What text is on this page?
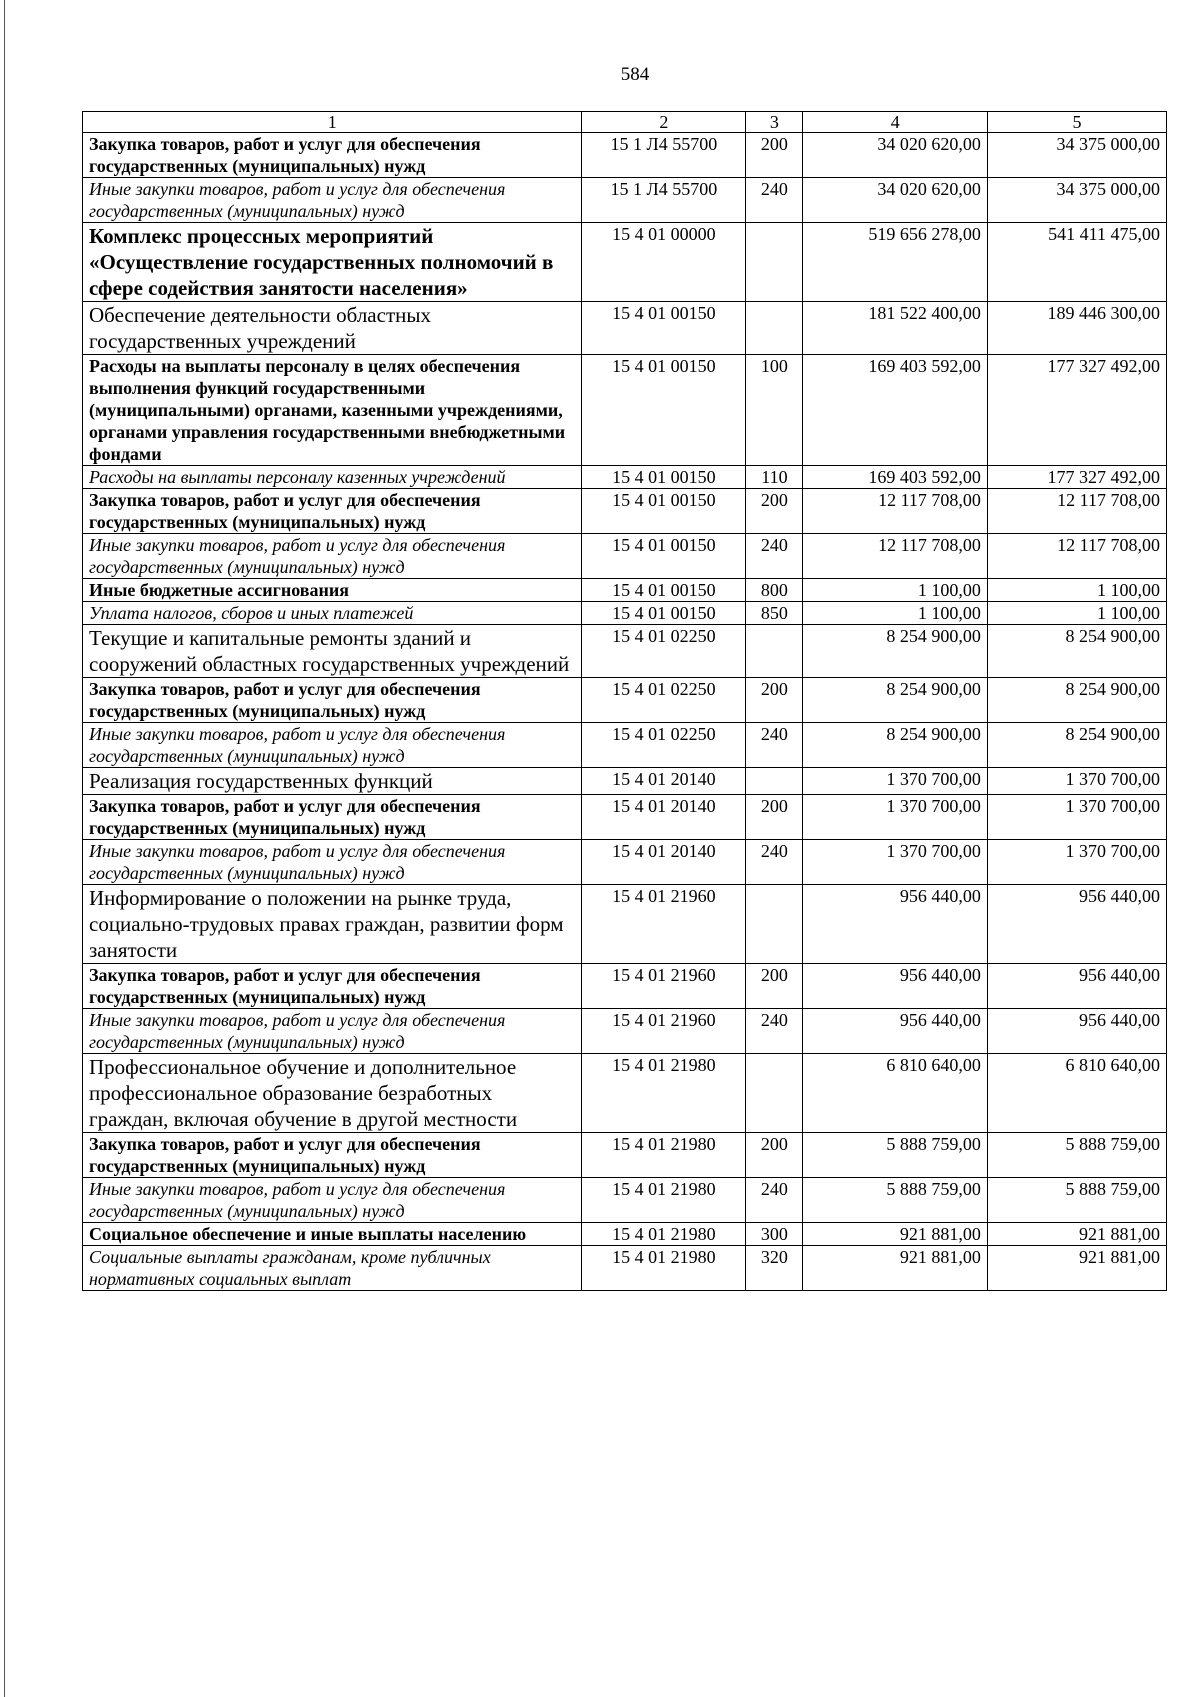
584
1	2	3	4	5
Закупка товаров, работ и услуг для обеспечения государственных (муниципальных) нужд	15 1 Л4 55700	200	34 020 620,00	34 375 000,00
Иные закупки товаров, работ и услуг для обеспечения государственных (муниципальных) нужд	15 1 Л4 55700	240	34 020 620,00	34 375 000,00
Комплекс процессных мероприятий «Осуществление государственных полномочий в сфере содействия занятости населения»	15 4 01 00000		519 656 278,00	541 411 475,00
Обеспечение деятельности областных государственных учреждений	15 4 01 00150		181 522 400,00	189 446 300,00
Расходы на выплаты персоналу в целях обеспечения выполнения функций государственными (муниципальными) органами, казенными учреждениями, органами управления государственными внебюджетными фондами	15 4 01 00150	100	169 403 592,00	177 327 492,00
Расходы на выплаты персоналу казенных учреждений	15 4 01 00150	110	169 403 592,00	177 327 492,00
Закупка товаров, работ и услуг для обеспечения государственных (муниципальных) нужд	15 4 01 00150	200	12 117 708,00	12 117 708,00
Иные закупки товаров, работ и услуг для обеспечения государственных (муниципальных) нужд	15 4 01 00150	240	12 117 708,00	12 117 708,00
Иные бюджетные ассигнования	15 4 01 00150	800	1 100,00	1 100,00
Уплата налогов, сборов и иных платежей	15 4 01 00150	850	1 100,00	1 100,00
Текущие и капитальные ремонты зданий и сооружений областных государственных учреждений	15 4 01 02250		8 254 900,00	8 254 900,00
Закупка товаров, работ и услуг для обеспечения государственных (муниципальных) нужд	15 4 01 02250	200	8 254 900,00	8 254 900,00
Иные закупки товаров, работ и услуг для обеспечения государственных (муниципальных) нужд	15 4 01 02250	240	8 254 900,00	8 254 900,00
Реализация государственных функций	15 4 01 20140		1 370 700,00	1 370 700,00
Закупка товаров, работ и услуг для обеспечения государственных (муниципальных) нужд	15 4 01 20140	200	1 370 700,00	1 370 700,00
Иные закупки товаров, работ и услуг для обеспечения государственных (муниципальных) нужд	15 4 01 20140	240	1 370 700,00	1 370 700,00
Информирование о положении на рынке труда, социально-трудовых правах граждан, развитии форм занятости	15 4 01 21960		956 440,00	956 440,00
Закупка товаров, работ и услуг для обеспечения государственных (муниципальных) нужд	15 4 01 21960	200	956 440,00	956 440,00
Иные закупки товаров, работ и услуг для обеспечения государственных (муниципальных) нужд	15 4 01 21960	240	956 440,00	956 440,00
Профессиональное обучение и дополнительное профессиональное образование безработных граждан, включая обучение в другой местности	15 4 01 21980		6 810 640,00	6 810 640,00
Закупка товаров, работ и услуг для обеспечения государственных (муниципальных) нужд	15 4 01 21980	200	5 888 759,00	5 888 759,00
Иные закупки товаров, работ и услуг для обеспечения государственных (муниципальных) нужд	15 4 01 21980	240	5 888 759,00	5 888 759,00
Социальное обеспечение и иные выплаты населению	15 4 01 21980	300	921 881,00	921 881,00
Социальные выплаты гражданам, кроме публичных нормативных социальных выплат	15 4 01 21980	320	921 881,00	921 881,00
